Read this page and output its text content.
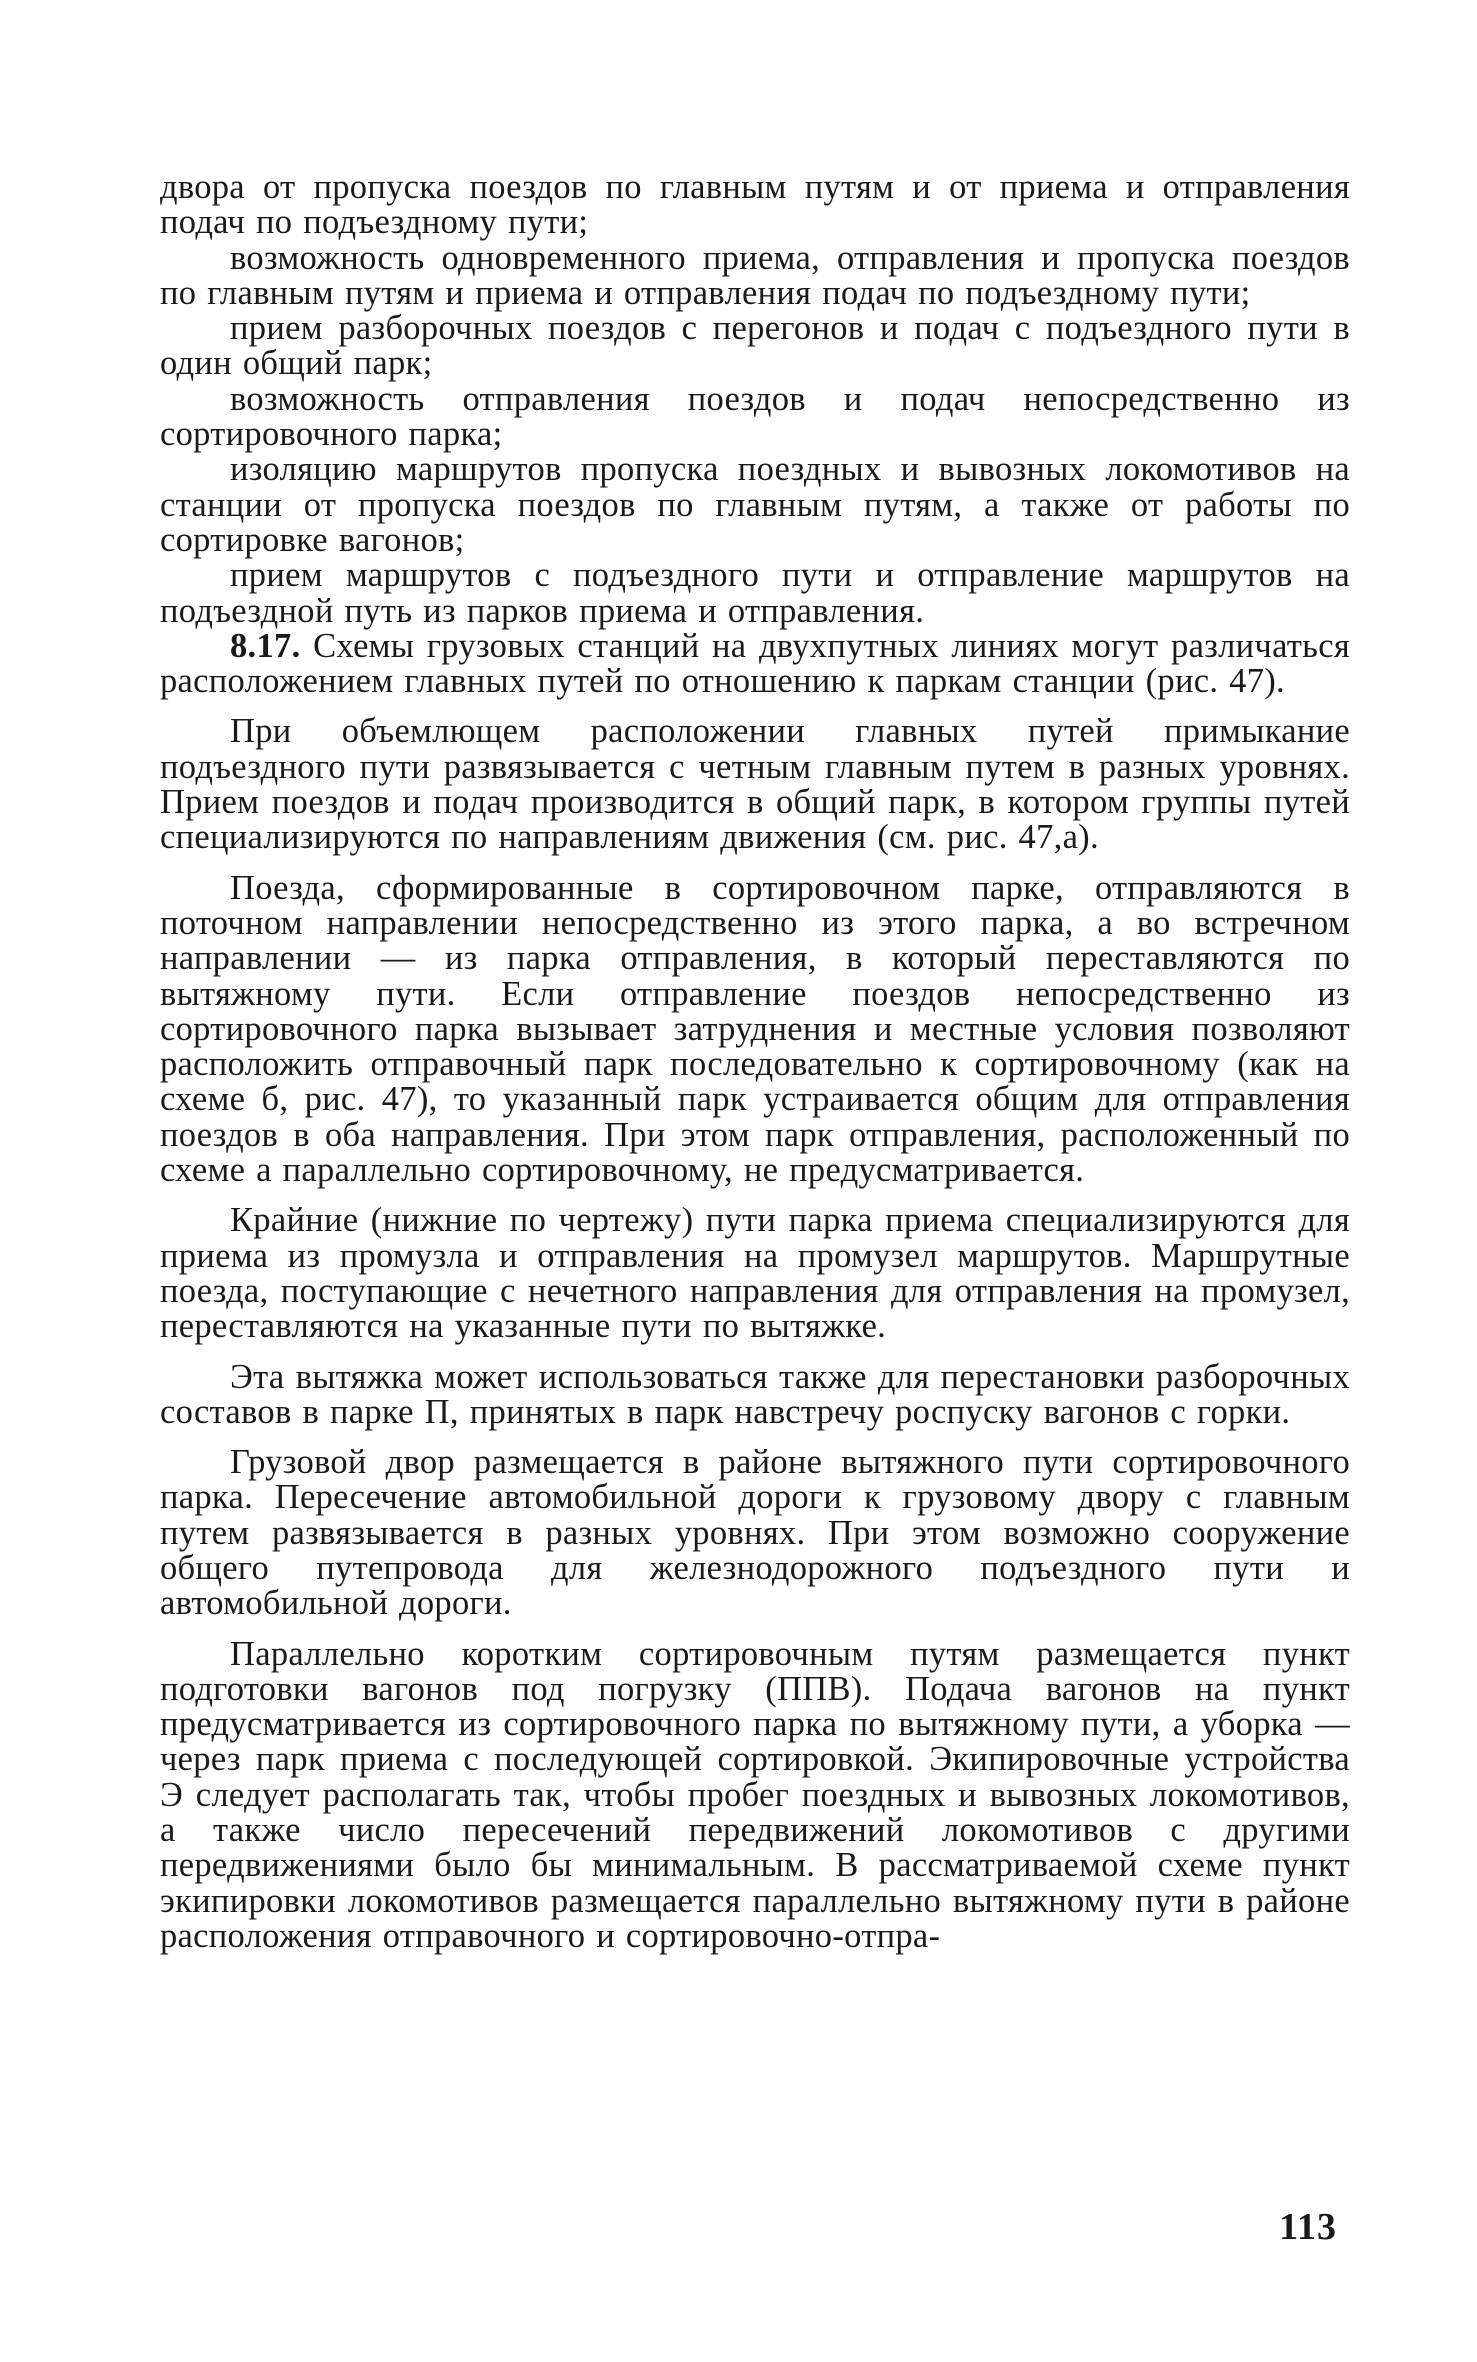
двора от пропуска поездов по главным путям и от приема и отправления подач по подъездному пути;

возможность одновременного приема, отправления и пропуска поездов по главным путям и приема и отправления подач по подъездному пути;

прием разборочных поездов с перегонов и подач с подъездного пути в один общий парк;

возможность отправления поездов и подач непосредственно из сортировочного парка;

изоляцию маршрутов пропуска поездных и вывозных локомотивов на станции от пропуска поездов по главным путям, а также от работы по сортировке вагонов;

прием маршрутов с подъездного пути и отправление маршрутов на подъездной путь из парков приема и отправления.

8.17. Схемы грузовых станций на двухпутных линиях могут различаться расположением главных путей по отношению к паркам станции (рис. 47).

При объемлющем расположении главных путей примыкание подъездного пути развязывается с четным главным путем в разных уровнях. Прием поездов и подач производится в общий парк, в котором группы путей специализируются по направлениям движения (см. рис. 47,а).

Поезда, сформированные в сортировочном парке, отправляются в поточном направлении непосредственно из этого парка, а во встречном направлении — из парка отправления, в который переставляются по вытяжному пути. Если отправление поездов непосредственно из сортировочного парка вызывает затруднения и местные условия позволяют расположить отправочный парк последовательно к сортировочному (как на схеме б, рис. 47), то указанный парк устраивается общим для отправления поездов в оба направления. При этом парк отправления, расположенный по схеме а параллельно сортировочному, не предусматривается.

Крайние (нижние по чертежу) пути парка приема специализируются для приема из промузла и отправления на промузел маршрутов. Маршрутные поезда, поступающие с нечетного направления для отправления на промузел, переставляются на указанные пути по вытяжке.

Эта вытяжка может использоваться также для перестановки разборочных составов в парке П, принятых в парк навстречу роспуску вагонов с горки.

Грузовой двор размещается в районе вытяжного пути сортировочного парка. Пересечение автомобильной дороги к грузовому двору с главным путем развязывается в разных уровнях. При этом возможно сооружение общего путепровода для железнодорожного подъездного пути и автомобильной дороги.

Параллельно коротким сортировочным путям размещается пункт подготовки вагонов под погрузку (ППВ). Подача вагонов на пункт предусматривается из сортировочного парка по вытяжному пути, а уборка — через парк приема с последующей сортировкой. Экипировочные устройства Э следует располагать так, чтобы пробег поездных и вывозных локомотивов, а также число пересечений передвижений локомотивов с другими передвижениями было бы минимальным. В рассматриваемой схеме пункт экипировки локомотивов размещается параллельно вытяжному пути в районе расположения отправочного и сортировочно-отпра-

113
